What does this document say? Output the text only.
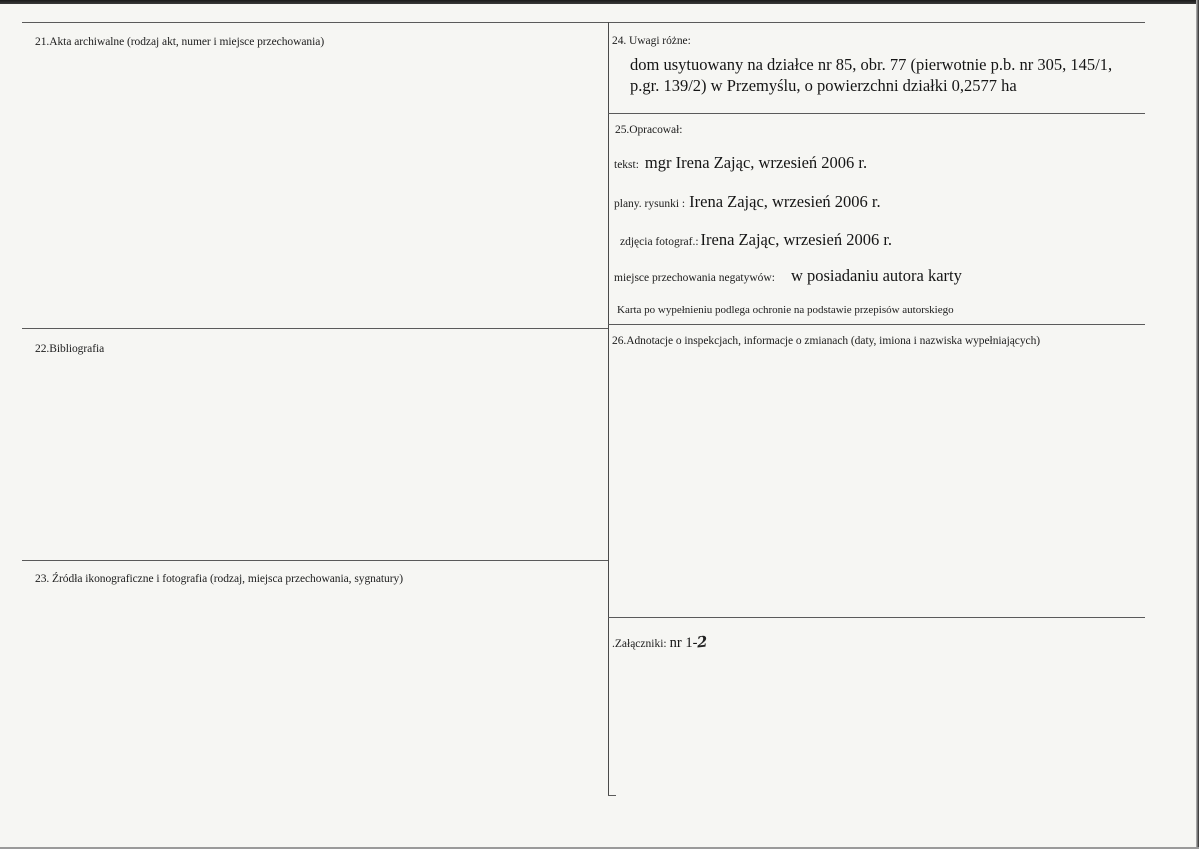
21.Akta archiwalne (rodzaj akt, numer i miejsce przechowania)
22.Bibliografia
23. Źródła ikonograficzne i fotografia (rodzaj, miejsca przechowania, sygnatury)
24. Uwagi różne:
dom usytuowany na działce nr 85, obr. 77 (pierwotnie p.b. nr 305, 145/1,
p.gr. 139/2) w Przemyślu, o powierzchni działki 0,2577 ha
25.Opracował:
tekst: mgr Irena Zając, wrzesień 2006 r.
plany. rysunki : Irena Zając, wrzesień 2006 r.
zdjęcia fotograf.: Irena Zając, wrzesień 2006 r.
miejsce przechowania negatywów: w posiadaniu autora karty
Karta po wypełnieniu podlega ochronie na podstawie przepisów autorskiego
26.Adnotacje o inspekcjach, informacje o zmianach (daty, imiona i nazwiska wypełniających)
.Załączniki: nr 1- 2
